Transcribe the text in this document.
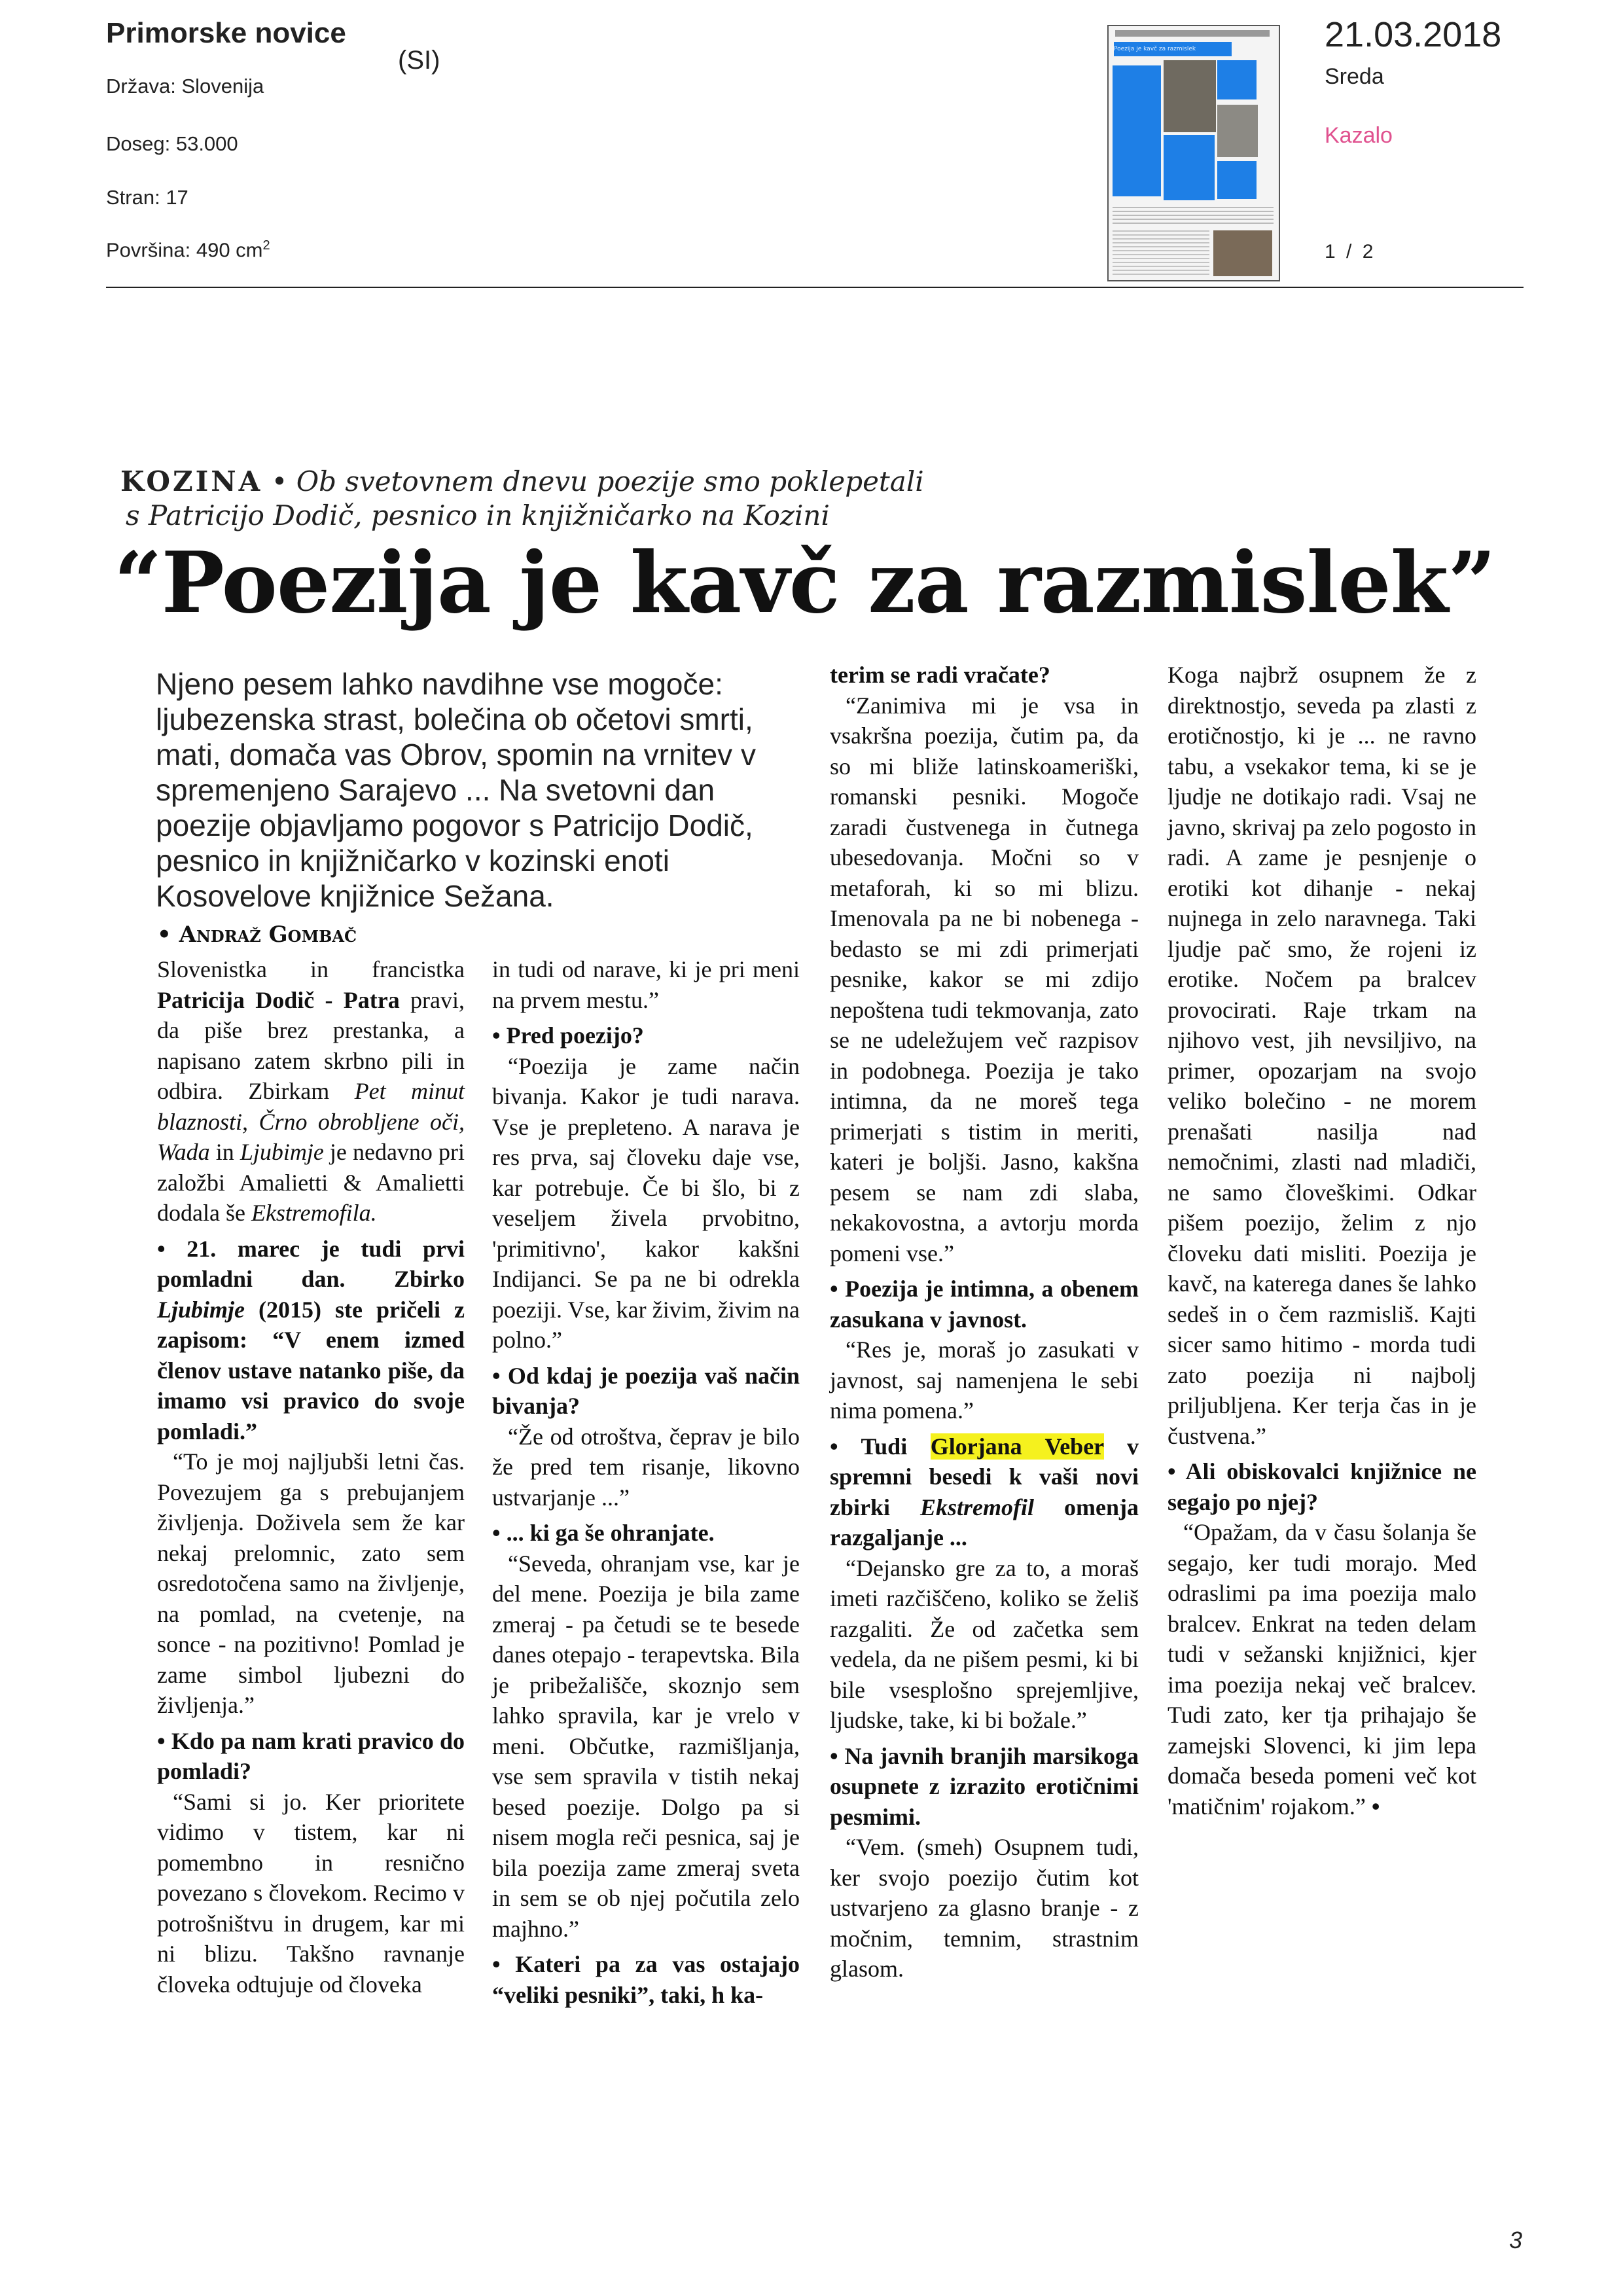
Primorske novice
(SI)
Država: Slovenija
Doseg: 53.000
Stran: 17
Površina: 490 $cm^2$
Poezija je kavč za razmislek	21.03.2018
Sreda
Kazalo
1 / 2
KOZINA • Ob svetovnem dnevu poezije smo poklepetali
s Patricijo Dodič, pesnico in knjižničarko na Kozini
“Poezija je kavč za razmislek”
Njeno pesem lahko navdihne vse mogoče: ljubezenska strast, bolečina ob očetovi smrti, mati, domača vas Obrov, spomin na vrnitev v spremenjeno Sarajevo ... Na svetovni dan poezije objavljamo pogovor s Patricijo Dodič, pesnico in knjižničarko v kozinski enoti Kosovelove knjižnice Sežana.
• Andraž Gombač

Slovenistka in francistka Patricija Dodič - Patra pravi, da piše brez prestanka, a napisano zatem skrbno pili in odbira. Zbirkam Pet minut blaznosti, Črno obrobljene oči, Wada in Ljubimje je nedavno pri založbi Amalietti & Amalietti dodala še Ekstremofila.

• 21. marec je tudi prvi pomladni dan. Zbirko Ljubimje (2015) ste pričeli z zapisom: “V enem izmed členov ustave natanko piše, da imamo vsi pravico do svoje pomladi.”

“To je moj najljubši letni čas. Povezujem ga s prebujanjem življenja. Doživela sem že kar nekaj prelomnic, zato sem osredotočena samo na življenje, na pomlad, na cvetenje, na sonce - na pozitivno! Pomlad je zame simbol ljubezni do življenja.”

• Kdo pa nam krati pravico do pomladi?

“Sami si jo. Ker prioritete vidimo v tistem, kar ni pomembno in resnično povezano s človekom. Recimo v potrošništvu in drugem, kar mi ni blizu. Takšno ravnanje človeka odtujuje od človeka

in tudi od narave, ki je pri meni na prvem mestu.”

• Pred poezijo?

“Poezija je zame način bivanja. Kakor je tudi narava. Vse je prepleteno. A narava je res prva, saj človeku daje vse, kar potrebuje. Če bi šlo, bi z veseljem živela prvobitno, 'primitivno', kakor kakšni Indijanci. Se pa ne bi odrekla poeziji. Vse, kar živim, živim na polno.”

• Od kdaj je poezija vaš način bivanja?

“Že od otroštva, čeprav je bilo že pred tem risanje, likovno ustvarjanje ...”

• ... ki ga še ohranjate.

“Seveda, ohranjam vse, kar je del mene. Poezija je bila zame zmeraj - pa četudi se te besede danes otepajo - terapevtska. Bila je pribežališče, skoznjo sem lahko spravila, kar je vrelo v meni. Občutke, razmišljanja, vse sem spravila v tistih nekaj besed poezije. Dolgo pa si nisem mogla reči pesnica, saj je bila poezija zame zmeraj sveta in sem se ob njej počutila zelo majhno.”

• Kateri pa za vas ostajajo “veliki pesniki”, taki, h ka-

terim se radi vračate?

“Zanimiva mi je vsa in vsakršna poezija, čutim pa, da so mi bliže latinskoameriški, romanski pesniki. Mogoče zaradi čustvenega in čutnega ubesedovanja. Močni so v metaforah, ki so mi blizu. Imenovala pa ne bi nobenega - bedasto se mi zdi primerjati pesnike, kakor se mi zdijo nepoštena tudi tekmovanja, zato se ne udeležujem več razpisov in podobnega. Poezija je tako intimna, da ne moreš tega primerjati s tistim in meriti, kateri je boljši. Jasno, kakšna pesem se nam zdi slaba, nekakovostna, a avtorju morda pomeni vse.”

• Poezija je intimna, a obenem zasukana v javnost.

“Res je, moraš jo zasukati v javnost, saj namenjena le sebi nima pomena.”

• Tudi Glorjana Veber v spremni besedi k vaši novi zbirki Ekstremofil omenja razgaljanje ...

“Dejansko gre za to, a moraš imeti razčiščeno, koliko se želiš razgaliti. Že od začetka sem vedela, da ne pišem pesmi, ki bi bile vsesplošno sprejemljive, ljudske, take, ki bi božale.”

• Na javnih branjih marsikoga osupnete z izrazito erotičnimi pesmimi.

“Vem. (smeh) Osupnem tudi, ker svojo poezijo čutim kot ustvarjeno za glasno branje - z močnim, temnim, strastnim glasom.

Koga najbrž osupnem že z direktnostjo, seveda pa zlasti z erotičnostjo, ki je ... ne ravno tabu, a vsekakor tema, ki se je ljudje ne dotikajo radi. Vsaj ne javno, skrivaj pa zelo pogosto in radi. A zame je pesnjenje o erotiki kot dihanje - nekaj nujnega in zelo naravnega. Taki ljudje pač smo, že rojeni iz erotike. Nočem pa bralcev provocirati. Raje trkam na njihovo vest, jih nevsiljivo, na primer, opozarjam na svojo veliko bolečino - ne morem prenašati nasilja nad nemočnimi, zlasti nad mladiči, ne samo človeškimi. Odkar pišem poezijo, želim z njo človeku dati misliti. Poezija je kavč, na katerega danes še lahko sedeš in o čem razmisliš. Kajti sicer samo hitimo - morda tudi zato poezija ni najbolj priljubljena. Ker terja čas in je čustvena.”

• Ali obiskovalci knjižnice ne segajo po njej?

“Opažam, da v času šolanja še segajo, ker tudi morajo. Med odraslimi pa ima poezija malo bralcev. Enkrat na teden delam tudi v sežanski knjižnici, kjer ima poezija nekaj več bralcev. Tudi zato, ker tja prihajajo še zamejski Slovenci, ki jim lepa domača beseda pomeni več kot 'matičnim' rojakom.” •

3
